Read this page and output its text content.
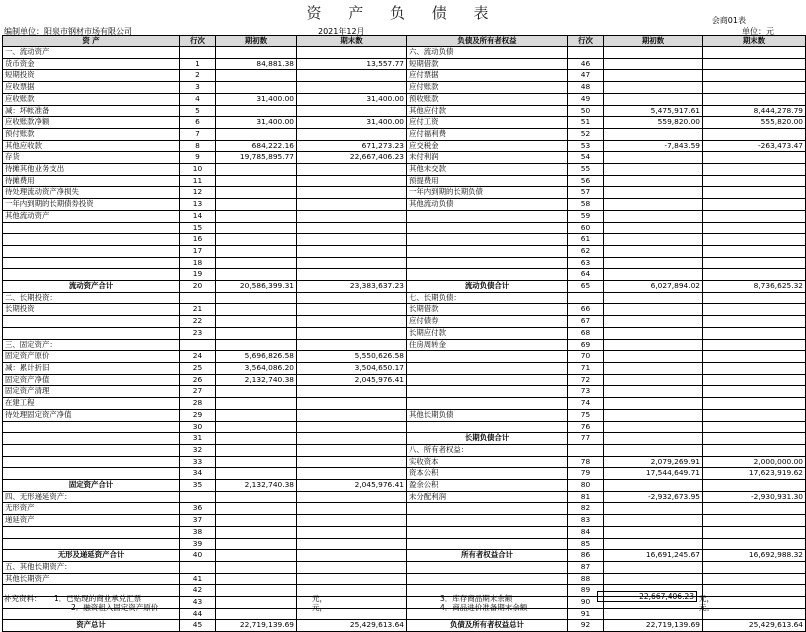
资 产 负 债 表	会商01表
编制单位：阳泉市钢材市场有限公司	2021年12月	单位：元
资 产	行次	期初数	期末数	负债及所有者权益	行次	期初数	期末数
一、流动资产				六、流动负债			
货币资金	1	84,881.38	13,557.77	短期借款	46		
短期投资	2			应付票据	47		
应收票据	3			应付账款	48		
应收账款	4	31,400.00	31,400.00	预收账款	49		
减：坏帐准备	5			其他应付款	50	5,475,917.61	8,444,278.79
应收账款净额	6	31,400.00	31,400.00	应付工资	51	559,820.00	555,820.00
预付账款	7			应付福利费	52		
其他应收款	8	684,222.16	671,273.23	应交税金	53	-7,843.59	-263,473.47
存货	9	19,785,895.77	22,667,406.23	未付利润	54		
待摊其他业务支出	10			其他未交款	55		
待摊费用	11			预提费用	56		
待处理流动资产净损失	12			一年内到期的长期负债	57		
一年内到期的长期债券投资	13			其他流动负债	58		
其他流动资产	14				59		
	15				60		
	16				61		
	17				62		
	18				63		
	19				64		
流动资产合计	20	20,586,399.31	23,383,637.23	流动负债合计	65	6,027,894.02	8,736,625.32
二、长期投资：				七、长期负债：			
长期投资	21			长期借款	66		
	22			应付债券	67		
	23			长期应付款	68		
三、固定资产：				住房周转金	69		
固定资产原价	24	5,696,826.58	5,550,626.58		70		
减：累计折旧	25	3,564,086.20	3,504,650.17		71		
固定资产净值	26	2,132,740.38	2,045,976.41		72		
固定资产清理	27				73		
在建工程	28				74		
待处理固定资产净值	29			其他长期负债	75		
	30				76		
	31			长期负债合计	77		
	32			八、所有者权益：			
	33			实收资本	78	2,079,269.91	2,000,000.00
	34			资本公积	79	17,544,649.71	17,623,919.62
固定资产合计	35	2,132,740.38	2,045,976.41	盈余公积	80		
四、无形递延资产：				未分配利润	81	-2,932,673.95	-2,930,931.30
无形资产	36				82		
递延资产	37				83		
	38				84		
	39				85		
无形及递延资产合计	40			所有者权益合计	86	16,691,245.67	16,692,988.32
五、其他长期资产：					87		
其他长期资产	41				88		
	42				89		
	43				90		
	44				91		
资产总计	45	22,719,139.69	25,429,613.64	负债及所有者权益总计	92	22,719,139.69	25,429,613.64
补充资料： 1．已贴现的商业承兑汇票	元，
2．融资租入固定资产原价	元，
3．库存商品期末余额	22,667,406.23 元，
4．商品进价准备期末余额	元。
